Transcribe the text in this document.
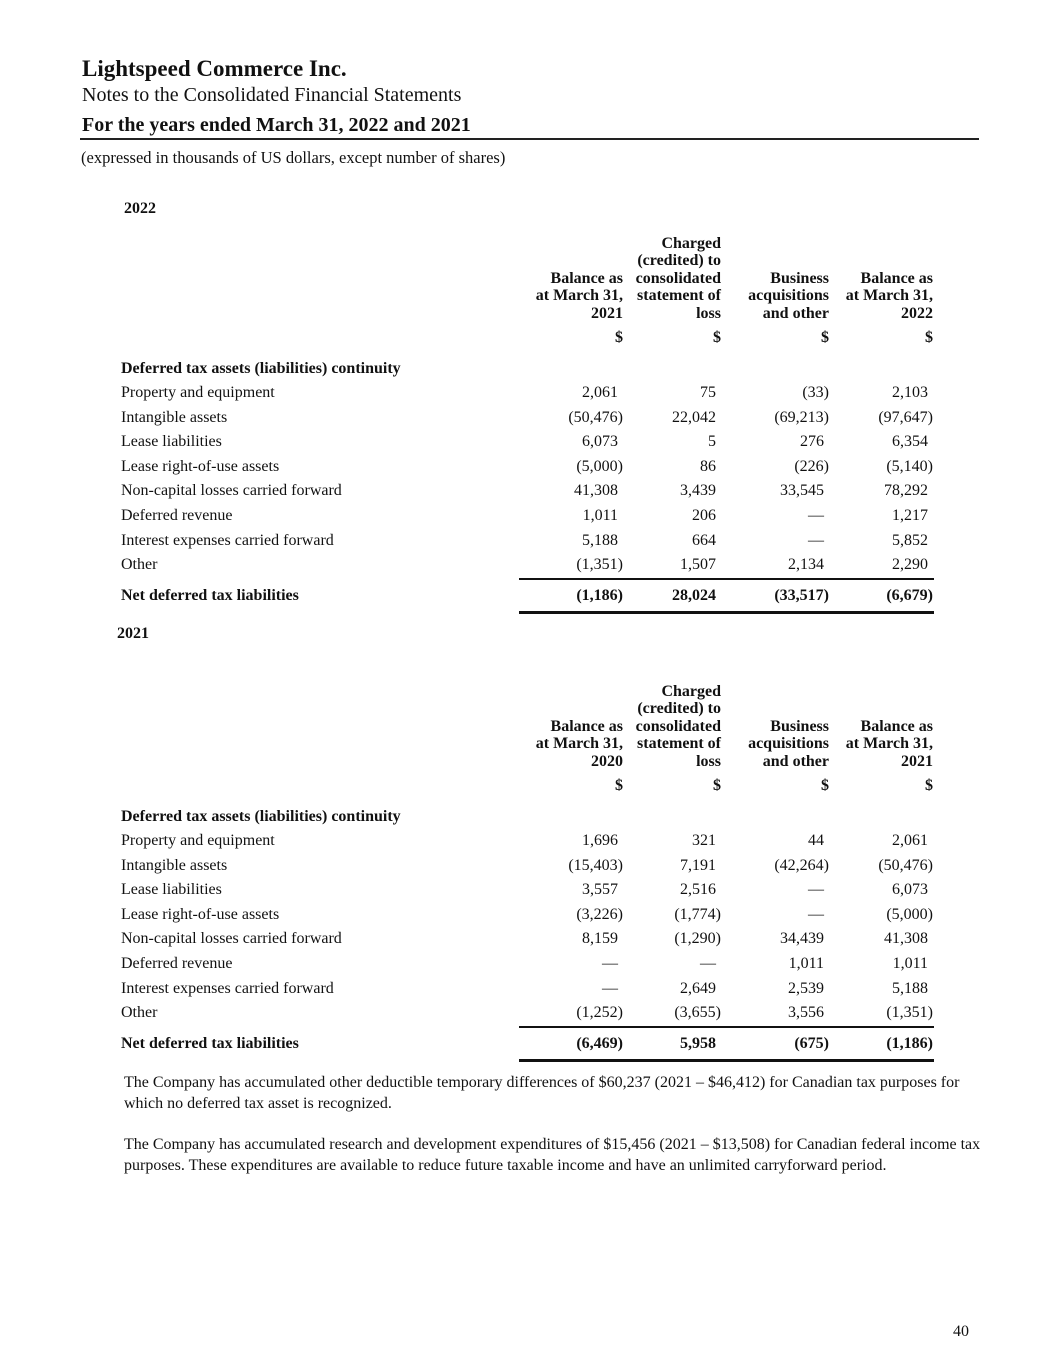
Lightspeed Commerce Inc.
Notes to the Consolidated Financial Statements
For the years ended March 31, 2022 and 2021
(expressed in thousands of US dollars, except number of shares)
2022
Balance as
at March 31,
2021
$
Charged
(credited) to
consolidated
statement of
loss
$
Business
acquisitions
and other
$
Balance as
at March 31,
2022
$
Deferred tax assets (liabilities) continuity
Property and equipment	2,061	75	(33)	2,103
Intangible assets	(50,476)	22,042	(69,213)	(97,647)
Lease liabilities	6,073	5	276	6,354
Lease right-of-use assets	(5,000)	86	(226)	(5,140)
Non-capital losses carried forward	41,308	3,439	33,545	78,292
Deferred revenue	1,011	206	—	1,217
Interest expenses carried forward	5,188	664	—	5,852
Other	(1,351)	1,507	2,134	2,290
Net deferred tax liabilities	(1,186)	28,024	(33,517)	(6,679)
2021
Balance as
at March 31,
2020
$
Charged
(credited) to
consolidated
statement of
loss
$
Business
acquisitions
and other
$
Balance as
at March 31,
2021
$
Deferred tax assets (liabilities) continuity
Property and equipment	1,696	321	44	2,061
Intangible assets	(15,403)	7,191	(42,264)	(50,476)
Lease liabilities	3,557	2,516	—	6,073
Lease right-of-use assets	(3,226)	(1,774)	—	(5,000)
Non-capital losses carried forward	8,159	(1,290)	34,439	41,308
Deferred revenue	—	—	1,011	1,011
Interest expenses carried forward	—	2,649	2,539	5,188
Other	(1,252)	(3,655)	3,556	(1,351)
Net deferred tax liabilities	(6,469)	5,958	(675)	(1,186)
The Company has accumulated other deductible temporary differences of $60,237 (2021 – $46,412) for Canadian tax purposes for which no deferred tax asset is recognized.
The Company has accumulated research and development expenditures of $15,456 (2021 – $13,508) for Canadian federal income tax purposes. These expenditures are available to reduce future taxable income and have an unlimited carryforward period.
40
